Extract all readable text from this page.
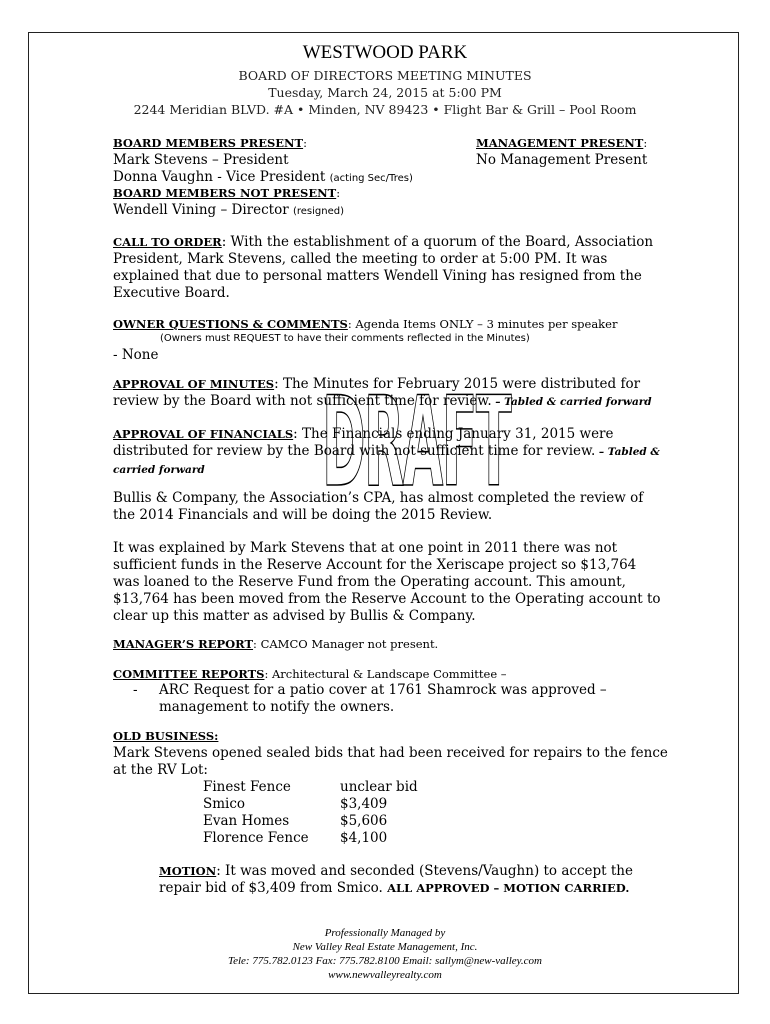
WESTWOOD PARK
BOARD OF DIRECTORS MEETING MINUTES
Tuesday, March 24, 2015 at 5:00 PM
2244 Meridian BLVD. #A • Minden, NV 89423 • Flight Bar & Grill – Pool Room
BOARD MEMBERS PRESENT:
Mark Stevens – President
Donna Vaughn - Vice President (acting Sec/Tres)
BOARD MEMBERS NOT PRESENT:
Wendell Vining – Director (resigned)
MANAGEMENT PRESENT:
No Management Present
CALL TO ORDER: With the establishment of a quorum of the Board, Association
President, Mark Stevens, called the meeting to order at 5:00 PM. It was
explained that due to personal matters Wendell Vining has resigned from the
Executive Board.
OWNER QUESTIONS & COMMENTS: Agenda Items ONLY – 3 minutes per speaker
(Owners must REQUEST to have their comments reflected in the Minutes)
- None
APPROVAL OF MINUTES: The Minutes for February 2015 were distributed for
review by the Board with not sufficient time for review. – Tabled & carried forward
APPROVAL OF FINANCIALS: The Financials ending January 31, 2015 were
distributed for review by the Board with not sufficient time for review. – Tabled &
carried forward
Bullis & Company, the Association’s CPA, has almost completed the review of
the 2014 Financials and will be doing the 2015 Review.
It was explained by Mark Stevens that at one point in 2011 there was not
sufficient funds in the Reserve Account for the Xeriscape project so $13,764
was loaned to the Reserve Fund from the Operating account. This amount,
$13,764 has been moved from the Reserve Account to the Operating account to
clear up this matter as advised by Bullis & Company.
MANAGER’S REPORT: CAMCO Manager not present.
COMMITTEE REPORTS: Architectural & Landscape Committee –
- ARC Request for a patio cover at 1761 Shamrock was approved –
management to notify the owners.
OLD BUSINESS:
Mark Stevens opened sealed bids that had been received for repairs to the fence
at the RV Lot:
Finest Fence	unclear bid
Smico	$3,409
Evan Homes	$5,606
Florence Fence $4,100
MOTION: It was moved and seconded (Stevens/Vaughn) to accept the
repair bid of $3,409 from Smico. ALL APPROVED – MOTION CARRIED.
DRAFT
Professionally Managed by
New Valley Real Estate Management, Inc.
Tele: 775.782.0123 Fax: 775.782.8100 Email: sallym@new-valley.com
www.newvalleyrealty.com
